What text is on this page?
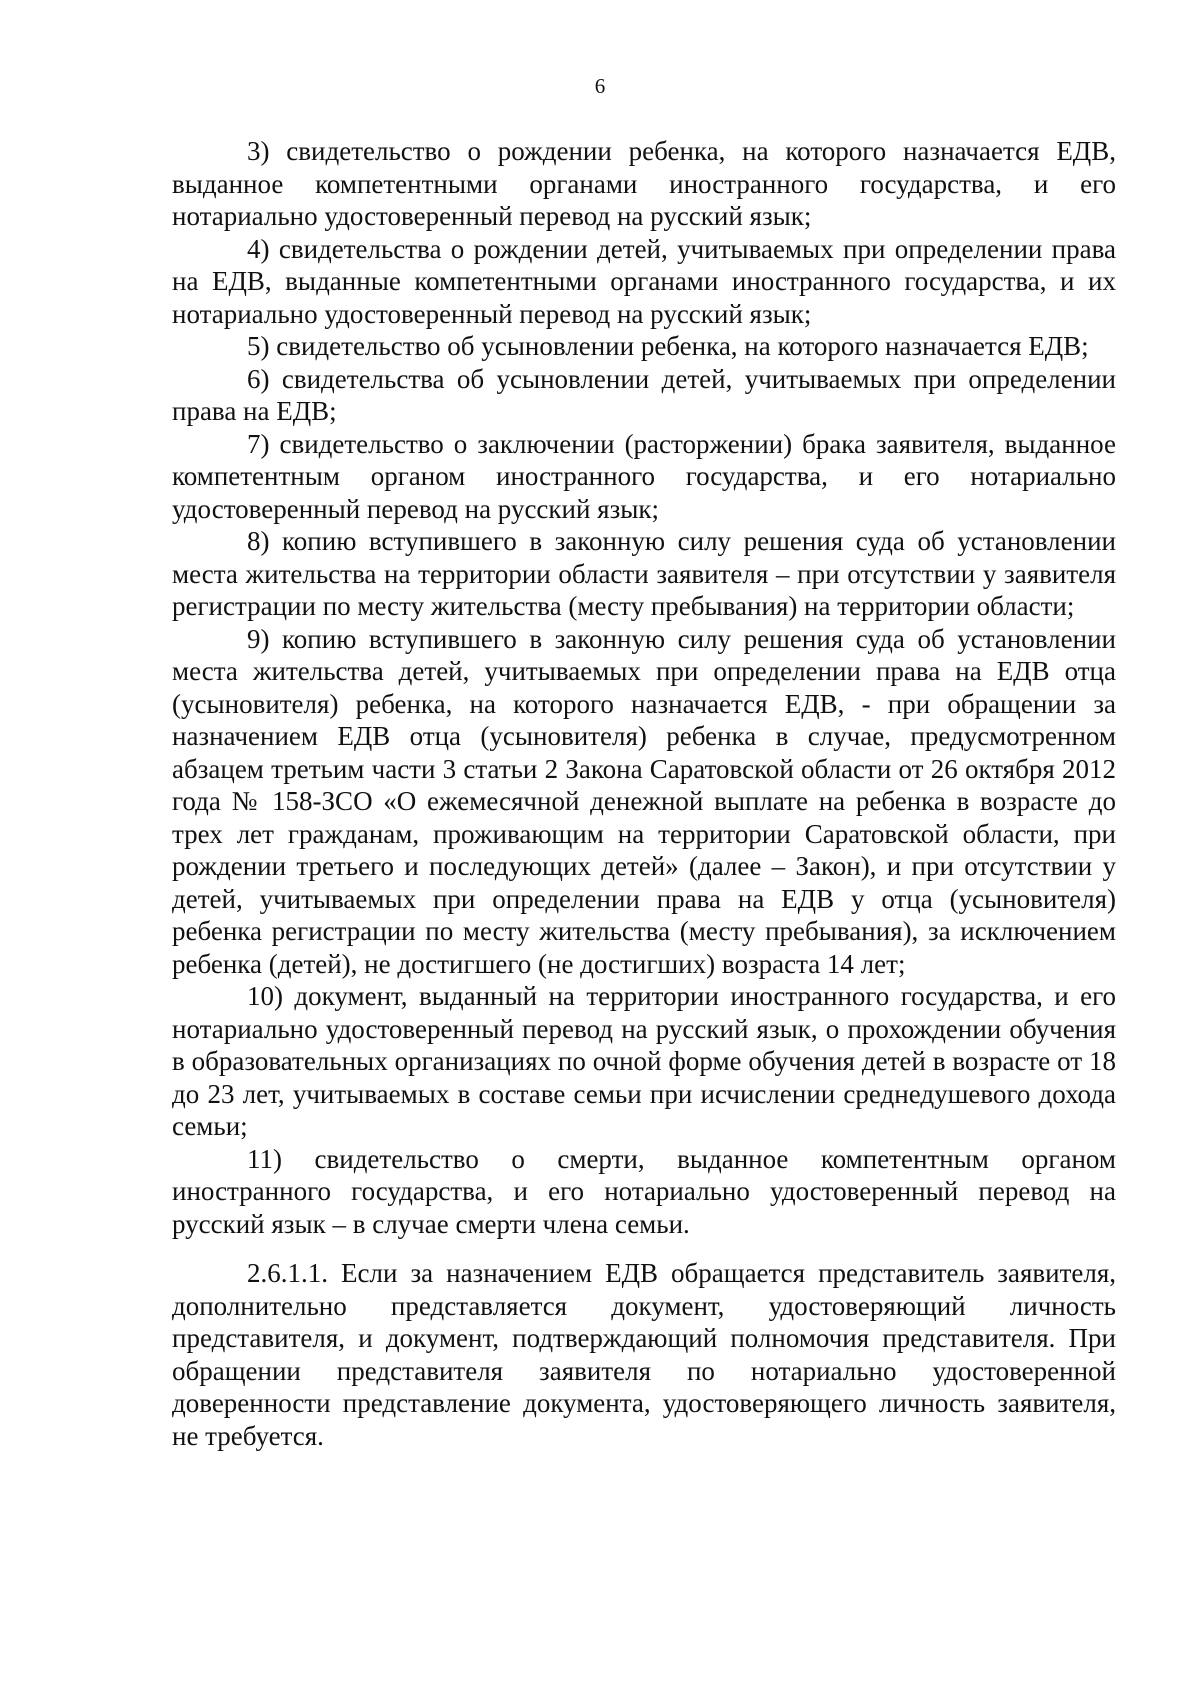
6

3) свидетельство о рождении ребенка, на которого назначается ЕДВ, выданное компетентными органами иностранного государства, и его нотариально удостоверенный перевод на русский язык;

4) свидетельства о рождении детей, учитываемых при определении права на ЕДВ, выданные компетентными органами иностранного государства, и их нотариально удостоверенный перевод на русский язык;

5) свидетельство об усыновлении ребенка, на которого назначается ЕДВ;

6) свидетельства об усыновлении детей, учитываемых при определении права на ЕДВ;

7) свидетельство о заключении (расторжении) брака заявителя, выданное компетентным органом иностранного государства, и его нотариально удостоверенный перевод на русский язык;

8) копию вступившего в законную силу решения суда об установлении места жительства на территории области заявителя – при отсутствии у заявителя регистрации по месту жительства (месту пребывания) на территории области;

9) копию вступившего в законную силу решения суда об установлении места жительства детей, учитываемых при определении права на ЕДВ отца (усыновителя) ребенка, на которого назначается ЕДВ, - при обращении за назначением ЕДВ отца (усыновителя) ребенка в случае, предусмотренном абзацем третьим части 3 статьи 2 Закона Саратовской области от 26 октября 2012 года № 158-ЗСО «О ежемесячной денежной выплате на ребенка в возрасте до трех лет гражданам, проживающим на территории Саратовской области, при рождении третьего и последующих детей» (далее – Закон), и при отсутствии у детей, учитываемых при определении права на ЕДВ у отца (усыновителя) ребенка регистрации по месту жительства (месту пребывания), за исключением ребенка (детей), не достигшего (не достигших) возраста 14 лет;

10) документ, выданный на территории иностранного государства, и его нотариально удостоверенный перевод на русский язык, о прохождении обучения в образовательных организациях по очной форме обучения детей в возрасте от 18 до 23 лет, учитываемых в составе семьи при исчислении среднедушевого дохода семьи;

11) свидетельство о смерти, выданное компетентным органом иностранного государства, и его нотариально удостоверенный перевод на русский язык – в случае смерти члена семьи.

2.6.1.1. Если за назначением ЕДВ обращается представитель заявителя, дополнительно представляется документ, удостоверяющий личность представителя, и документ, подтверждающий полномочия представителя. При обращении представителя заявителя по нотариально удостоверенной доверенности представление документа, удостоверяющего личность заявителя, не требуется.
